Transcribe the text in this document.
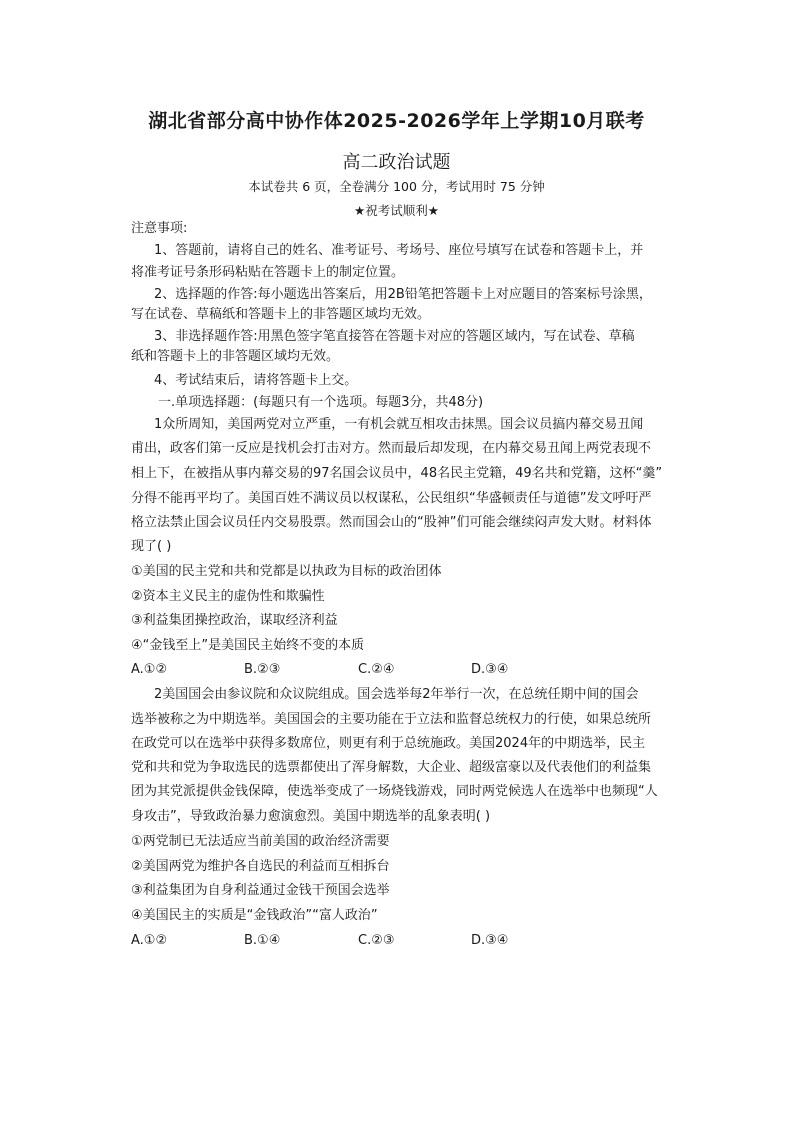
湖北省部分高中协作体2025-2026学年上学期10月联考
高二政治试题
本试卷共 6 页，全卷满分 100 分，考试用时 75 分钟
★祝考试顺利★
注意事项:
1、答题前，请将自己的姓名、准考证号、考场号、座位号填写在试卷和答题卡上，并
将准考证号条形码粘贴在答题卡上的制定位置。
2、选择题的作答:每小题选出答案后，用2B铅笔把答题卡上对应题目的答案标号涂黑，
写在试卷、草稿纸和答题卡上的非答题区域均无效。
3、非选择题作答:用黑色签字笔直接答在答题卡对应的答题区域内，写在试卷、草稿
纸和答题卡上的非答题区域均无效。
4、考试结束后，请将答题卡上交。
一.单项选择题：(每题只有一个选项。每题3分，共48分)
1众所周知，美国两党对立严重，一有机会就互相攻击抹黑。国会议员搞内幕交易丑闻
甫出，政客们第一反应是找机会打击对方。然而最后却发现，在内幕交易丑闻上两党表现不
相上下，在被指从事内幕交易的97名国会议员中，48名民主党籍，49名共和党籍，这杯“羹”
分得不能再平均了。美国百姓不满议员以权谋私，公民组织“华盛顿责任与道德”发文呼吁严
格立法禁止国会议员任内交易股票。然而国会山的“股神”们可能会继续闷声发大财。材料体
现了( )
①美国的民主党和共和党都是以执政为目标的政治团体
②资本主义民主的虚伪性和欺骗性
③利益集团操控政治，谋取经济利益
④“金钱至上”是美国民主始终不变的本质
A.①②	B.②③	C.②④	D.③④
2美国国会由参议院和众议院组成。国会选举每2年举行一次，在总统任期中间的国会
选举被称之为中期选举。美国国会的主要功能在于立法和监督总统权力的行使，如果总统所
在政党可以在选举中获得多数席位，则更有利于总统施政。美国2024年的中期选举，民主
党和共和党为争取选民的选票都使出了浑身解数，大企业、超级富豪以及代表他们的利益集
团为其党派提供金钱保障，使选举变成了一场烧钱游戏，同时两党候选人在选举中也频现“人
身攻击”，导致政治暴力愈演愈烈。美国中期选举的乱象表明( )
①两党制已无法适应当前美国的政治经济需要
②美国两党为维护各自选民的利益而互相拆台
③利益集团为自身利益通过金钱干预国会选举
④美国民主的实质是“金钱政治”“富人政治”
A.①②	B.①④	C.②③	D.③④
